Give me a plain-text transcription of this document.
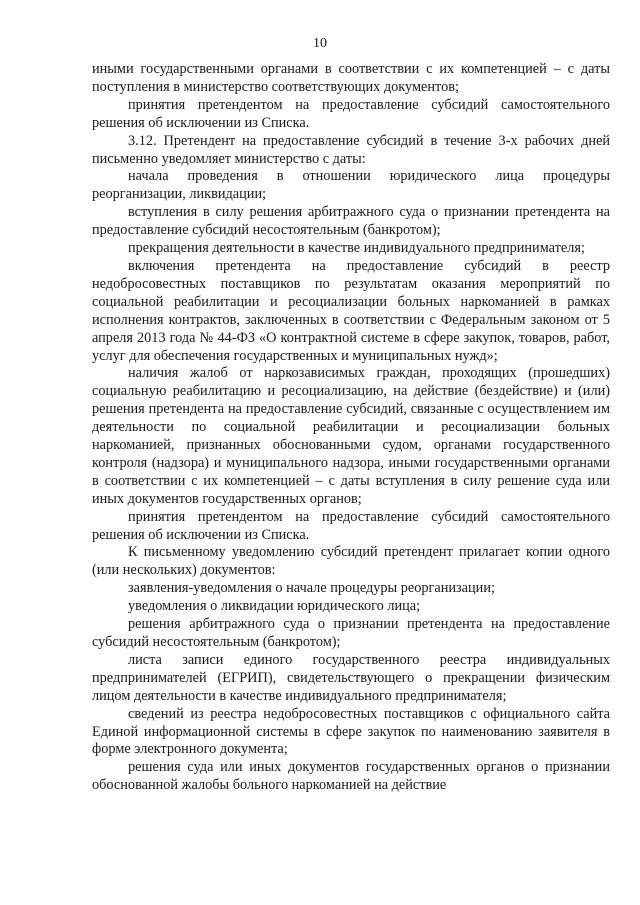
10

иными государственными органами в соответствии с их компетенцией – с даты поступления в министерство соответствующих документов;

принятия претендентом на предоставление субсидий самостоятельного решения об исключении из Списка.

3.12. Претендент на предоставление субсидий в течение 3-х рабочих дней письменно уведомляет министерство с даты:

начала проведения в отношении юридического лица процедуры реорганизации, ликвидации;

вступления в силу решения арбитражного суда о признании претендента на предоставление субсидий несостоятельным (банкротом);

прекращения деятельности в качестве индивидуального предпринимателя;

включения претендента на предоставление субсидий в реестр недобросовестных поставщиков по результатам оказания мероприятий по социальной реабилитации и ресоциализации больных наркоманией в рамках исполнения контрактов, заключенных в соответствии с Федеральным законом от 5 апреля 2013 года № 44-ФЗ «О контрактной системе в сфере закупок, товаров, работ, услуг для обеспечения государственных и муниципальных нужд»;

наличия жалоб от наркозависимых граждан, проходящих (прошедших) социальную реабилитацию и ресоциализацию, на действие (бездействие) и (или) решения претендента на предоставление субсидий, связанные с осуществлением им деятельности по социальной реабилитации и ресоциализации больных наркоманией, признанных обоснованными судом, органами государственного контроля (надзора) и муниципального надзора, иными государственными органами в соответствии с их компетенцией – с даты вступления в силу решение суда или иных документов государственных органов;

принятия претендентом на предоставление субсидий самостоятельного решения об исключении из Списка.

К письменному уведомлению субсидий претендент прилагает копии одного (или нескольких) документов:

заявления-уведомления о начале процедуры реорганизации;

уведомления о ликвидации юридического лица;

решения арбитражного суда о признании претендента на предоставление субсидий несостоятельным (банкротом);

листа записи единого государственного реестра индивидуальных предпринимателей (ЕГРИП), свидетельствующего о прекращении физическим лицом деятельности в качестве индивидуального предпринимателя;

сведений из реестра недобросовестных поставщиков с официального сайта Единой информационной системы в сфере закупок по наименованию заявителя в форме электронного документа;

решения суда или иных документов государственных органов о признании обоснованной жалобы больного наркоманией на действие
